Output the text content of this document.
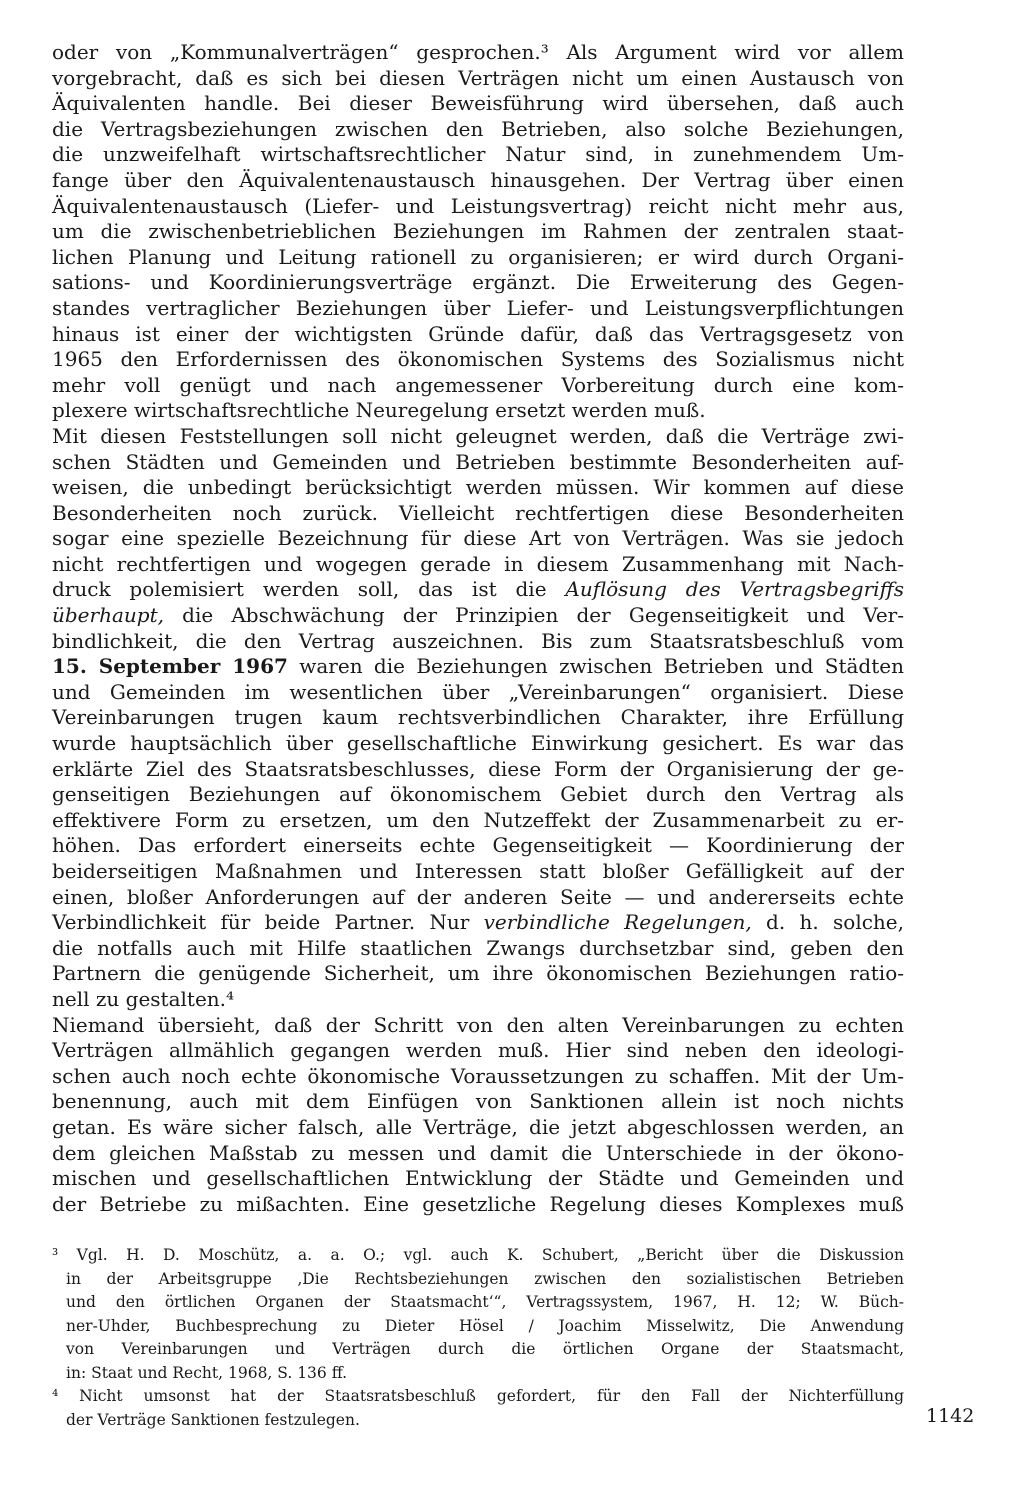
oder von „Kommunalverträgen“ gesprochen.³ Als Argument wird vor allem

vorgebracht, daß es sich bei diesen Verträgen nicht um einen Austausch von

Äquivalenten handle. Bei dieser Beweisführung wird übersehen, daß auch

die Vertragsbeziehungen zwischen den Betrieben, also solche Beziehungen,

die unzweifelhaft wirtschaftsrechtlicher Natur sind, in zunehmendem Um-

fange über den Äquivalentenaustausch hinausgehen. Der Vertrag über einen

Äquivalentenaustausch (Liefer- und Leistungsvertrag) reicht nicht mehr aus,

um die zwischenbetrieblichen Beziehungen im Rahmen der zentralen staat-

lichen Planung und Leitung rationell zu organisieren; er wird durch Organi-

sations- und Koordinierungsverträge ergänzt. Die Erweiterung des Gegen-

standes vertraglicher Beziehungen über Liefer- und Leistungsverpflichtungen

hinaus ist einer der wichtigsten Gründe dafür, daß das Vertragsgesetz von

1965 den Erfordernissen des ökonomischen Systems des Sozialismus nicht

mehr voll genügt und nach angemessener Vorbereitung durch eine kom-

plexere wirtschaftsrechtliche Neuregelung ersetzt werden muß.

Mit diesen Feststellungen soll nicht geleugnet werden, daß die Verträge zwi-

schen Städten und Gemeinden und Betrieben bestimmte Besonderheiten auf-

weisen, die unbedingt berücksichtigt werden müssen. Wir kommen auf diese

Besonderheiten noch zurück. Vielleicht rechtfertigen diese Besonderheiten

sogar eine spezielle Bezeichnung für diese Art von Verträgen. Was sie jedoch

nicht rechtfertigen und wogegen gerade in diesem Zusammenhang mit Nach-

druck polemisiert werden soll, das ist die Auflösung des Vertragsbegriffs

überhaupt, die Abschwächung der Prinzipien der Gegenseitigkeit und Ver-

bindlichkeit, die den Vertrag auszeichnen. Bis zum Staatsratsbeschluß vom

15. September 1967 waren die Beziehungen zwischen Betrieben und Städten

und Gemeinden im wesentlichen über „Vereinbarungen“ organisiert. Diese

Vereinbarungen trugen kaum rechtsverbindlichen Charakter, ihre Erfüllung

wurde hauptsächlich über gesellschaftliche Einwirkung gesichert. Es war das

erklärte Ziel des Staatsratsbeschlusses, diese Form der Organisierung der ge-

genseitigen Beziehungen auf ökonomischem Gebiet durch den Vertrag als

effektivere Form zu ersetzen, um den Nutzeffekt der Zusammenarbeit zu er-

höhen. Das erfordert einerseits echte Gegenseitigkeit — Koordinierung der

beiderseitigen Maßnahmen und Interessen statt bloßer Gefälligkeit auf der

einen, bloßer Anforderungen auf der anderen Seite — und andererseits echte

Verbindlichkeit für beide Partner. Nur verbindliche Regelungen, d. h. solche,

die notfalls auch mit Hilfe staatlichen Zwangs durchsetzbar sind, geben den

Partnern die genügende Sicherheit, um ihre ökonomischen Beziehungen ratio-

nell zu gestalten.⁴

Niemand übersieht, daß der Schritt von den alten Vereinbarungen zu echten

Verträgen allmählich gegangen werden muß. Hier sind neben den ideologi-

schen auch noch echte ökonomische Voraussetzungen zu schaffen. Mit der Um-

benennung, auch mit dem Einfügen von Sanktionen allein ist noch nichts

getan. Es wäre sicher falsch, alle Verträge, die jetzt abgeschlossen werden, an

dem gleichen Maßstab zu messen und damit die Unterschiede in der ökono-

mischen und gesellschaftlichen Entwicklung der Städte und Gemeinden und

der Betriebe zu mißachten. Eine gesetzliche Regelung dieses Komplexes muß

³ Vgl. H. D. Moschütz, a. a. O.; vgl. auch K. Schubert, „Bericht über die Diskussion

in der Arbeitsgruppe ‚Die Rechtsbeziehungen zwischen den sozialistischen Betrieben

und den örtlichen Organen der Staatsmacht‘“, Vertragssystem, 1967, H. 12; W. Büch-

ner-Uhder, Buchbesprechung zu Dieter Hösel / Joachim Misselwitz, Die Anwendung

von Vereinbarungen und Verträgen durch die örtlichen Organe der Staatsmacht,

in: Staat und Recht, 1968, S. 136 ff.

⁴ Nicht umsonst hat der Staatsratsbeschluß gefordert, für den Fall der Nichterfüllung

der Verträge Sanktionen festzulegen.	1142
